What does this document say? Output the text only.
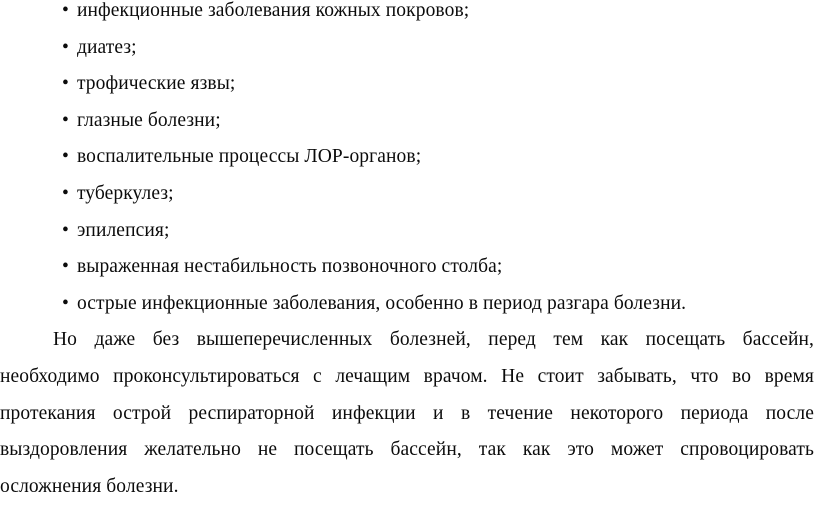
• инфекционные заболевания кожных покровов;
• диатез;
• трофические язвы;
• глазные болезни;
• воспалительные процессы ЛОР-органов;
• туберкулез;
• эпилепсия;
• выраженная нестабильность позвоночного столба;
• острые инфекционные заболевания, особенно в период разгара болезни.
Но даже без вышеперечисленных болезней, перед тем как посещать бассейн,
необходимо проконсультироваться с лечащим врачом. Не стоит забывать, что во время
протекания острой респираторной инфекции и в течение некоторого периода после
выздоровления желательно не посещать бассейн, так как это может спровоцировать
осложнения болезни.
